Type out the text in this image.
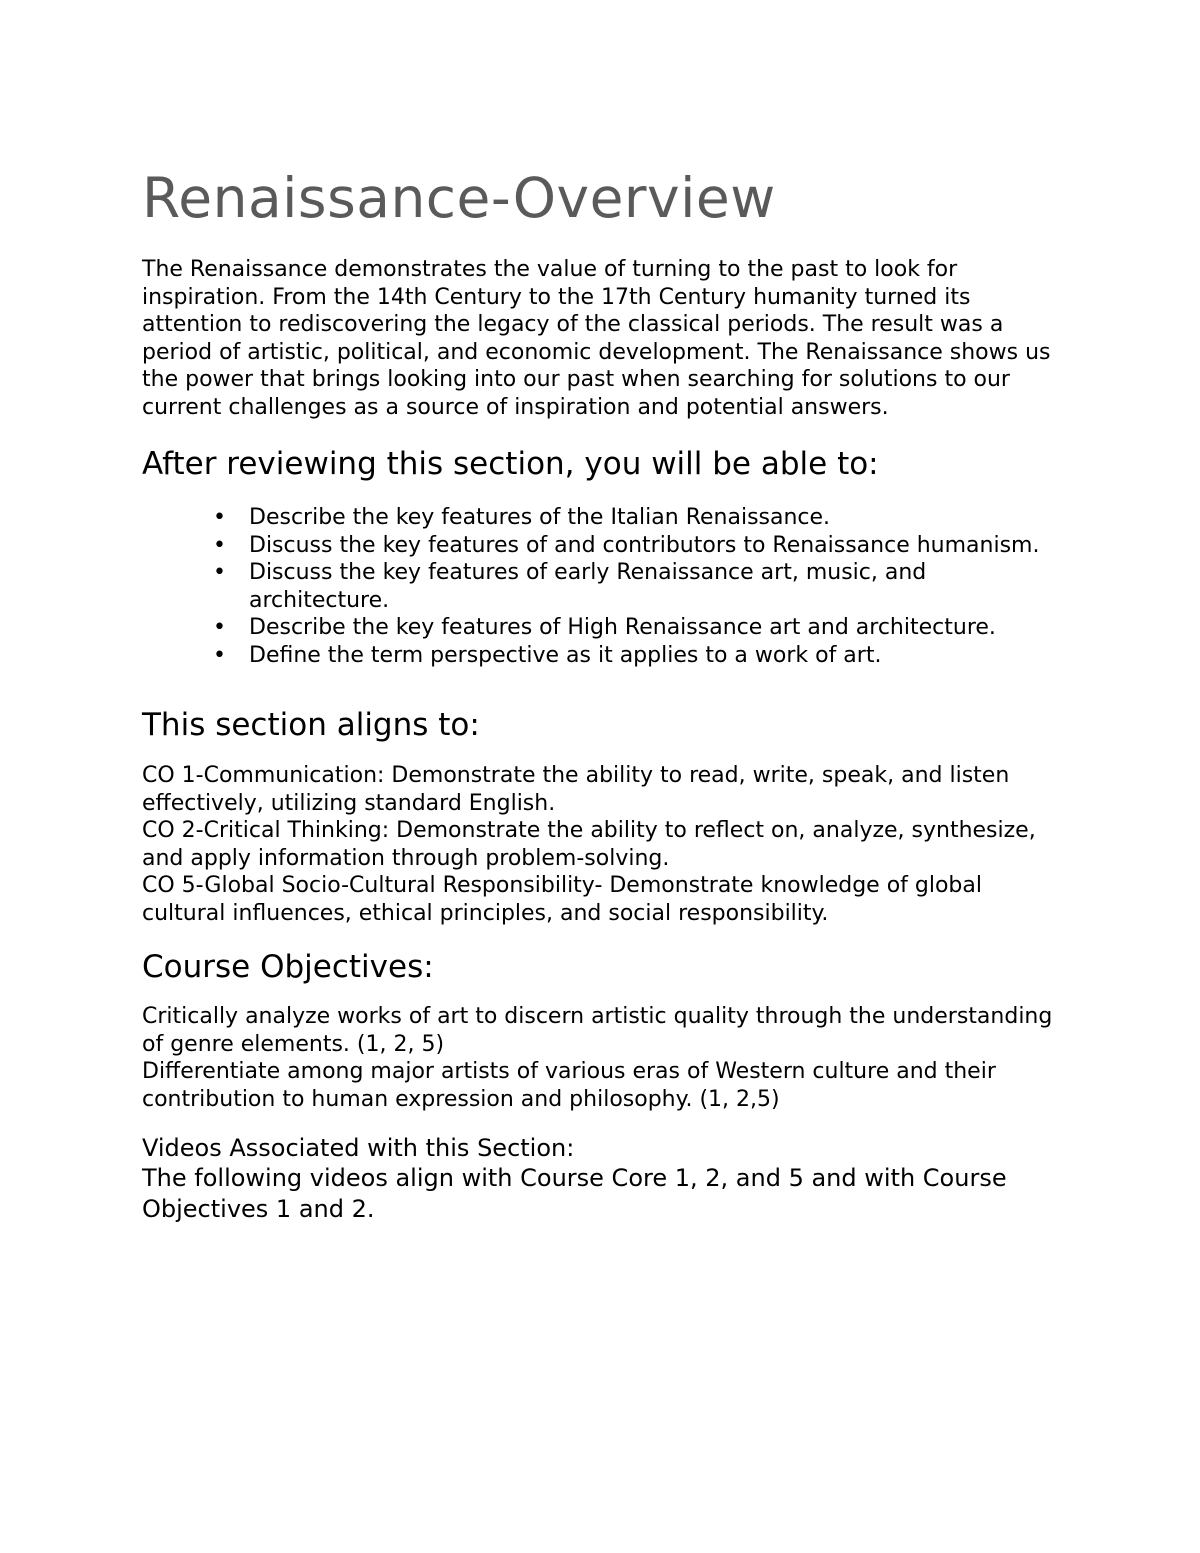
Renaissance-Overview

The Renaissance demonstrates the value of turning to the past to look for inspiration. From the 14th Century to the 17th Century humanity turned its attention to rediscovering the legacy of the classical periods. The result was a period of artistic, political, and economic development. The Renaissance shows us the power that brings looking into our past when searching for solutions to our current challenges as a source of inspiration and potential answers.

After reviewing this section, you will be able to:
• Describe the key features of the Italian Renaissance.
• Discuss the key features of and contributors to Renaissance humanism.
• Discuss the key features of early Renaissance art, music, and architecture.
• Describe the key features of High Renaissance art and architecture.
• Define the term perspective as it applies to a work of art.
This section aligns to:

CO 1-Communication: Demonstrate the ability to read, write, speak, and listen effectively, utilizing standard English.

CO 2-Critical Thinking: Demonstrate the ability to reflect on, analyze, synthesize, and apply information through problem-solving.

CO 5-Global Socio-Cultural Responsibility- Demonstrate knowledge of global cultural influences, ethical principles, and social responsibility.

Course Objectives:

Critically analyze works of art to discern artistic quality through the understanding of genre elements. (1, 2, 5)

Differentiate among major artists of various eras of Western culture and their contribution to human expression and philosophy. (1, 2,5)

Videos Associated with this Section:

The following videos align with Course Core 1, 2, and 5 and with Course Objectives 1 and 2.
